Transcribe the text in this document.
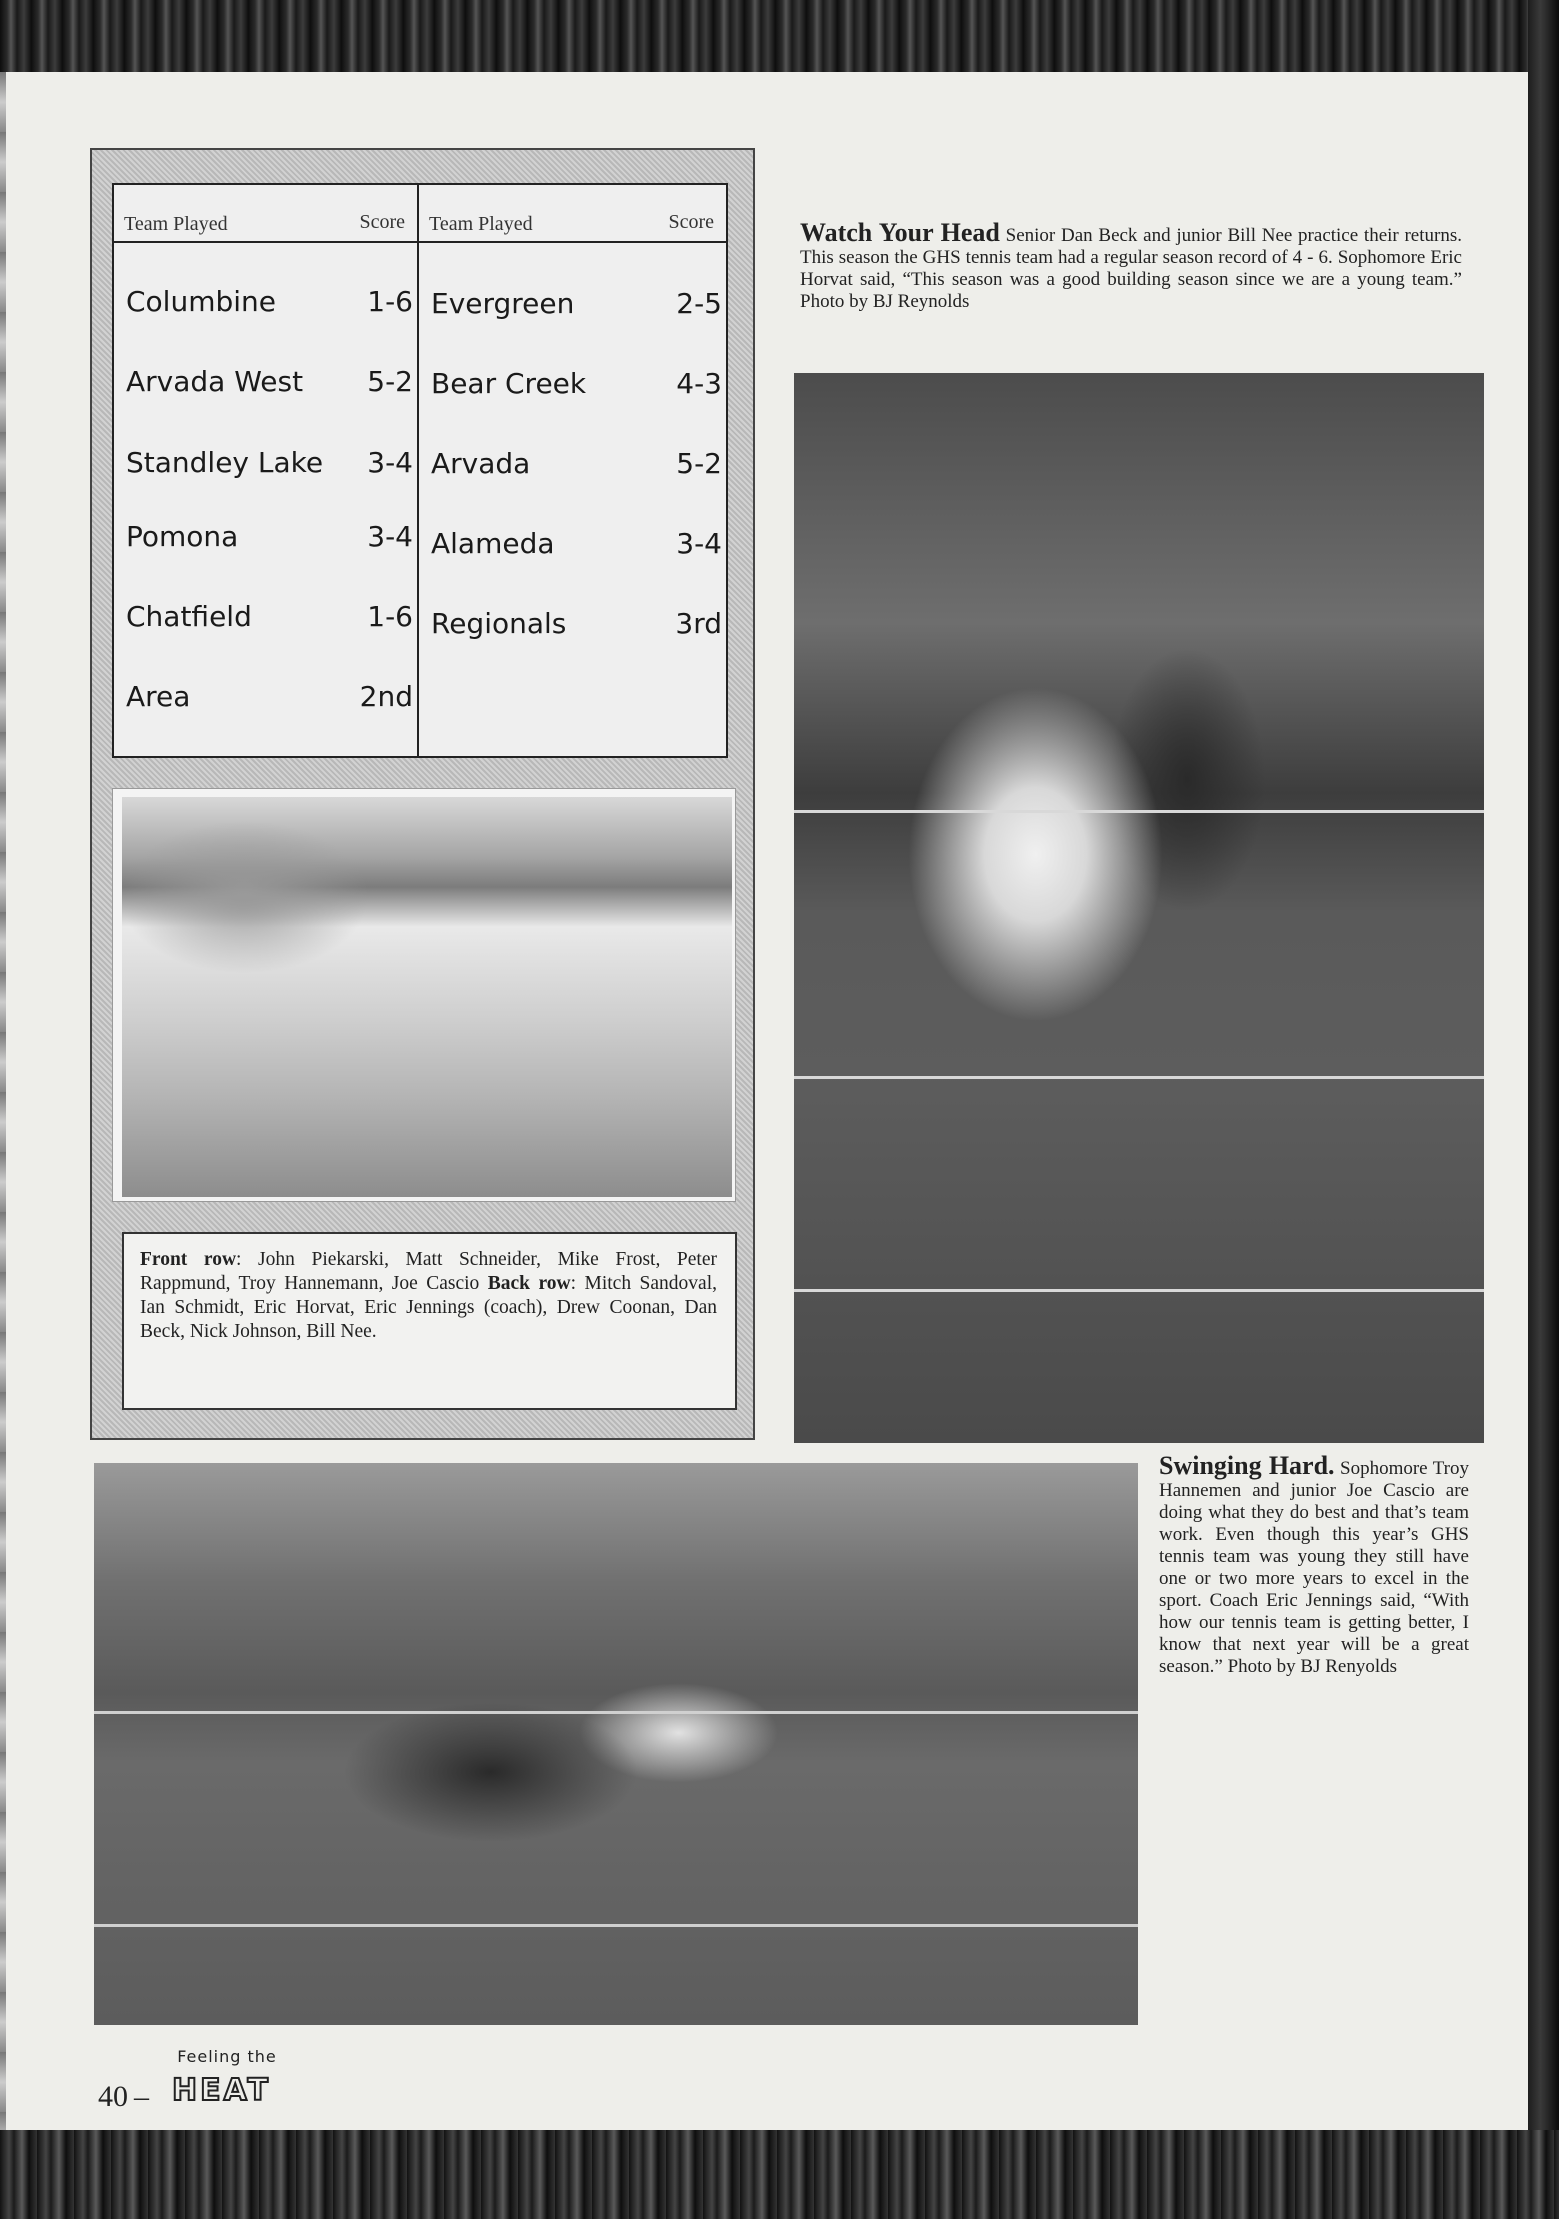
Team Played	Score
Columbine	1-6
Arvada West 5-2
Standley Lake 3-4
Pomona	3-4
Chatfield	1-6
Area	2nd
Team Played	Score
Evergreen	2-5
Bear Creek	4-3
Arvada	5-2
Alameda	3-4
Regionals	3rd
Front row: John Piekarski, Matt Schneider, Mike Frost, Peter Rappmund, Troy Hannemann, Joe Cascio Back row: Mitch Sandoval, Ian Schmidt, Eric Horvat, Eric Jennings (coach), Drew Coonan, Dan Beck, Nick Johnson, Bill Nee.
Watch Your Head Senior Dan Beck and junior Bill Nee practice their returns. This season the GHS tennis team had a regular season record of 4 - 6. Sophomore Eric Horvat said, “This season was a good building season since we are a young team.” Photo by BJ Reynolds
Swinging Hard. Sophomore Troy Hannemen and junior Joe Cascio are doing what they do best and that’s team work. Even though this year’s GHS tennis team was young they still have one or two more years to excel in the sport. Coach Eric Jennings said, “With how our tennis team is getting better, I know that next year will be a great season.” Photo by BJ Renyolds
Feeling the
40 – HEAT
